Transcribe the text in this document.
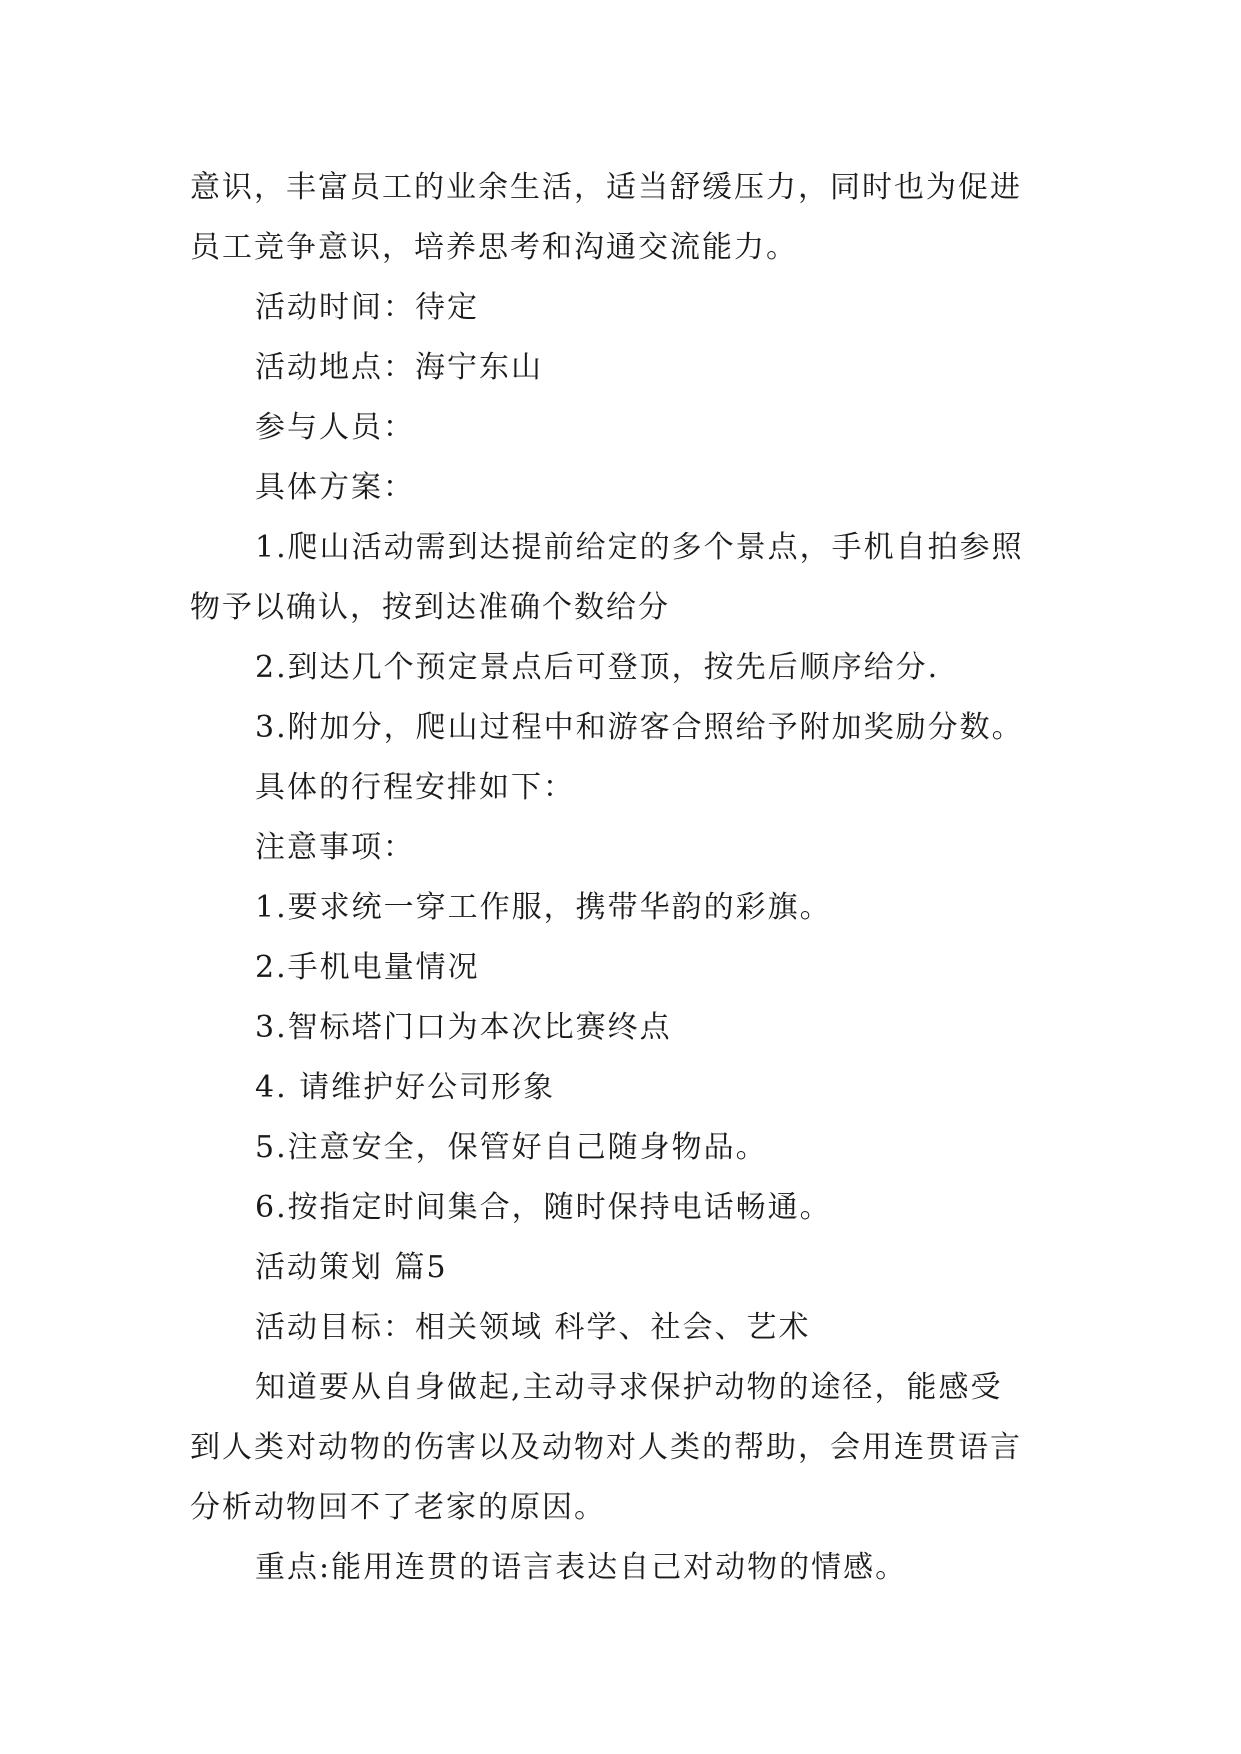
意识，丰富员工的业余生活，适当舒缓压力，同时也为促进
员工竞争意识，培养思考和沟通交流能力。
活动时间：待定
活动地点：海宁东山
参与人员：
具体方案：
1.爬山活动需到达提前给定的多个景点，手机自拍参照
物予以确认，按到达准确个数给分
2.到达几个预定景点后可登顶，按先后顺序给分.
3.附加分，爬山过程中和游客合照给予附加奖励分数。
具体的行程安排如下：
注意事项：
1.要求统一穿工作服，携带华韵的彩旗。
2.手机电量情况
3.智标塔门口为本次比赛终点
4. 请维护好公司形象
5.注意安全，保管好自己随身物品。
6.按指定时间集合，随时保持电话畅通。
活动策划 篇5
活动目标：相关领域 科学、社会、艺术
知道要从自身做起,主动寻求保护动物的途径，能感受
到人类对动物的伤害以及动物对人类的帮助，会用连贯语言
分析动物回不了老家的原因。
重点:能用连贯的语言表达自己对动物的情感。
